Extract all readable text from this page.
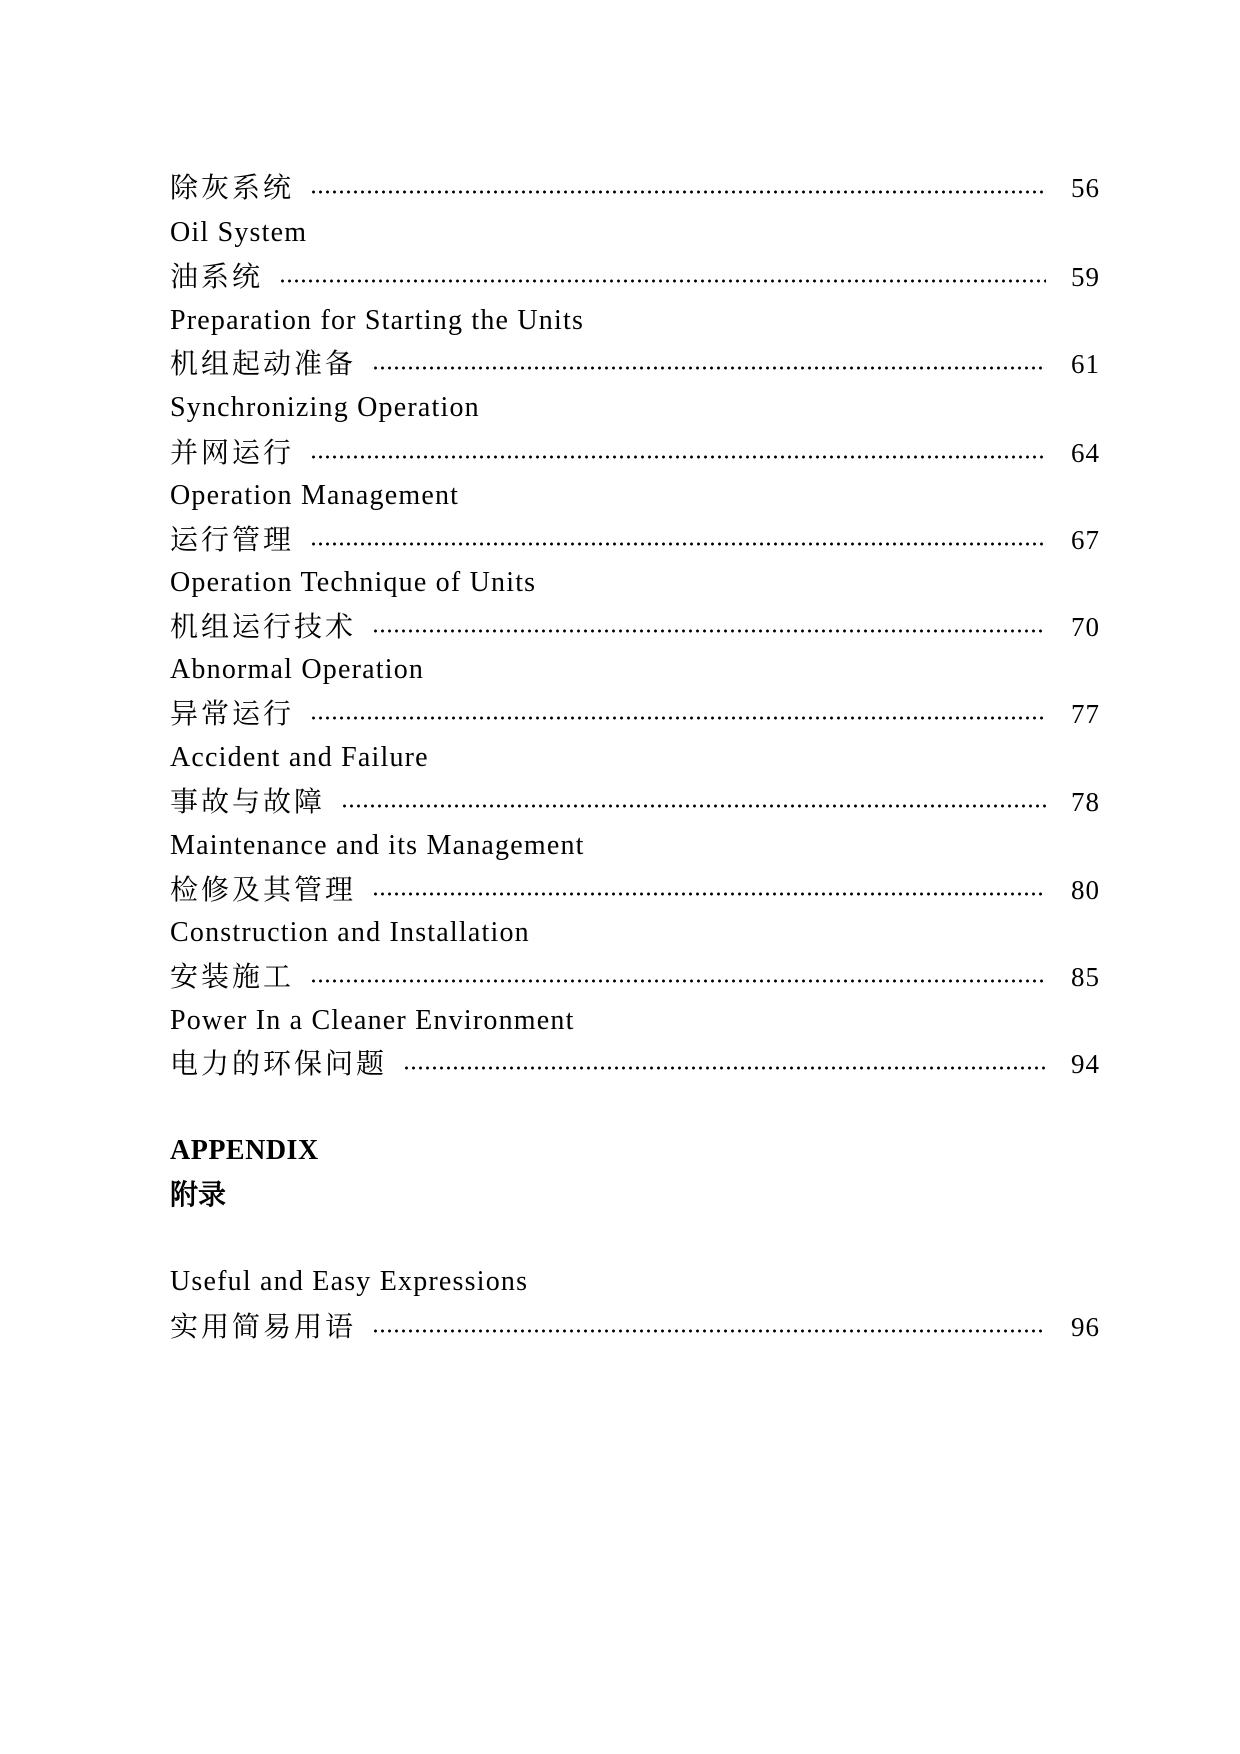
除灰系统	56
Oil System
油系统	59
Preparation for Starting the Units
机组起动准备	61
Synchronizing Operation
并网运行	64
Operation Management
运行管理	67
Operation Technique of Units
机组运行技术	70
Abnormal Operation
异常运行	77
Accident and Failure
事故与故障	78
Maintenance and its Management
检修及其管理	80
Construction and Installation
安装施工	85
Power In a Cleaner Environment
电力的环保问题	94
APPENDIX
附录
Useful and Easy Expressions
实用简易用语	96
